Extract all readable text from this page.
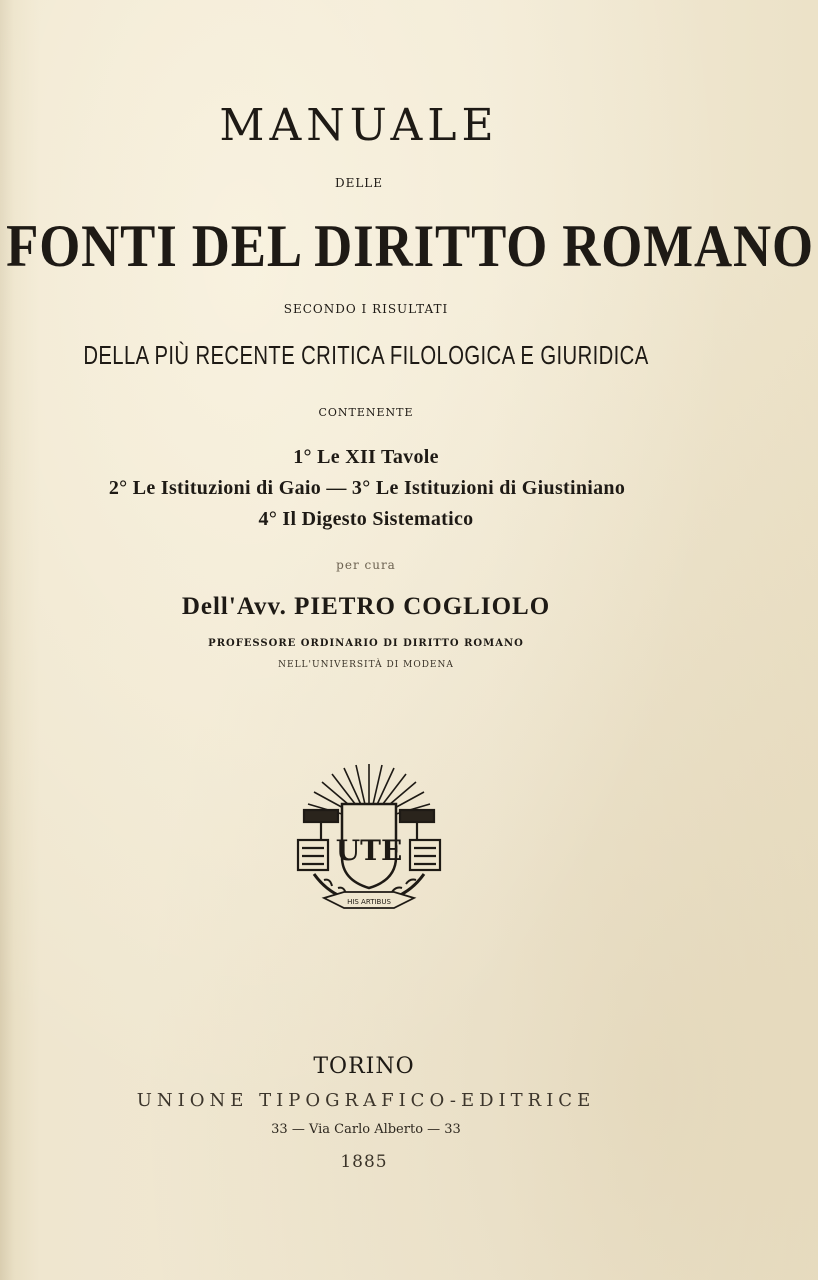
MANUALE
DELLE
FONTI DEL DIRITTO ROMANO
SECONDO I RISULTATI
DELLA PIÙ RECENTE CRITICA FILOLOGICA E GIURIDICA
CONTENENTE
1° Le XII Tavole
2° Le Istituzioni di Gaio — 3° Le Istituzioni di Giustiniano
4° Il Digesto Sistematico
per cura
Dell'Avv. PIETRO COGLIOLO
PROFESSORE ORDINARIO DI DIRITTO ROMANO
NELL'UNIVERSITÀ DI MODENA
UTE
HIS ARTIBUS
TORINO
UNIONE TIPOGRAFICO-EDITRICE
33 — Via Carlo Alberto — 33
1885
